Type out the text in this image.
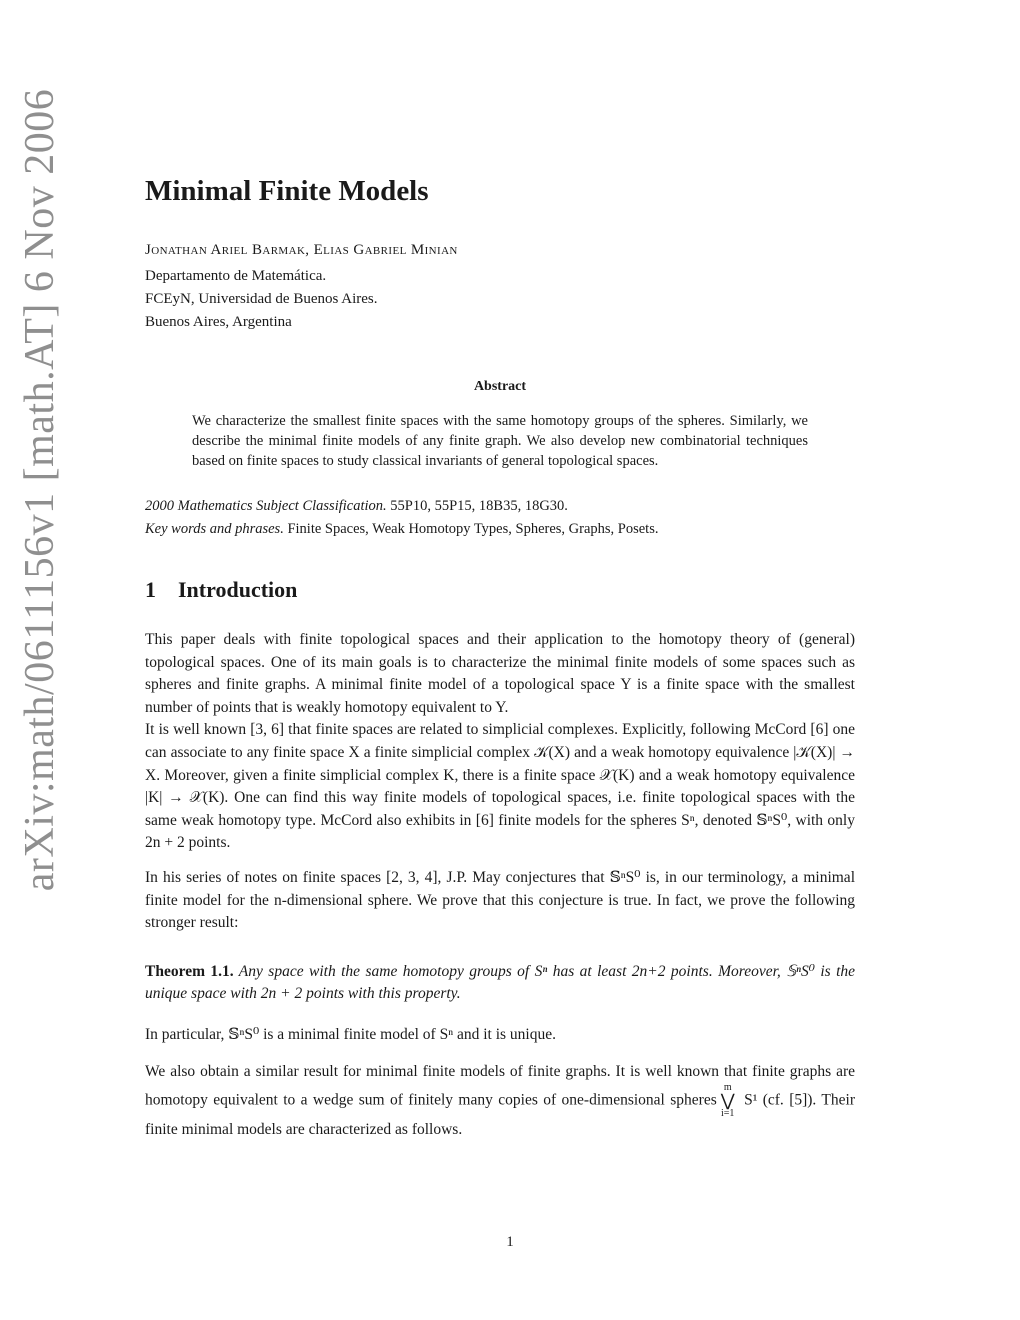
arXiv:math/0611156v1 [math.AT] 6 Nov 2006	Minimal Finite Models
Jonathan Ariel Barmak, Elias Gabriel Minian
Departamento de Matemática.
FCEyN, Universidad de Buenos Aires.
Buenos Aires, Argentina
Abstract

We characterize the smallest finite spaces with the same homotopy groups of the spheres. Similarly, we describe the minimal finite models of any finite graph. We also develop new combinatorial techniques based on finite spaces to study classical invariants of general topological spaces.

2000 Mathematics Subject Classification. 55P10, 55P15, 18B35, 18G30.
Key words and phrases. Finite Spaces, Weak Homotopy Types, Spheres, Graphs, Posets.
1 Introduction

This paper deals with finite topological spaces and their application to the homotopy theory of (general) topological spaces. One of its main goals is to characterize the minimal finite models of some spaces such as spheres and finite graphs. A minimal finite model of a topological space Y is a finite space with the smallest number of points that is weakly homotopy equivalent to Y.

It is well known [3, 6] that finite spaces are related to simplicial complexes. Explicitly, following McCord [6] one can associate to any finite space X a finite simplicial complex 𝒦(X) and a weak homotopy equivalence |𝒦(X)| → X. Moreover, given a finite simplicial complex K, there is a finite space 𝒳(K) and a weak homotopy equivalence |K| → 𝒳(K). One can find this way finite models of topological spaces, i.e. finite topological spaces with the same weak homotopy type. McCord also exhibits in [6] finite models for the spheres Sⁿ, denoted 𝕊ⁿS⁰, with only 2n + 2 points.

In his series of notes on finite spaces [2, 3, 4], J.P. May conjectures that 𝕊ⁿS⁰ is, in our terminology, a minimal finite model for the n-dimensional sphere. We prove that this conjecture is true. In fact, we prove the following stronger result:

Theorem 1.1. Any space with the same homotopy groups of Sⁿ has at least 2n+2 points. Moreover, 𝕊ⁿS⁰ is the unique space with 2n + 2 points with this property.

In particular, 𝕊ⁿS⁰ is a minimal finite model of Sⁿ and it is unique.

We also obtain a similar result for minimal finite models of finite graphs. It is well known that finite graphs are homotopy equivalent to a wedge sum of finitely many copies of one-dimensional spheresm
⋁
i=1 S¹ (cf. [5]). Their finite minimal models are characterized as follows.

1
